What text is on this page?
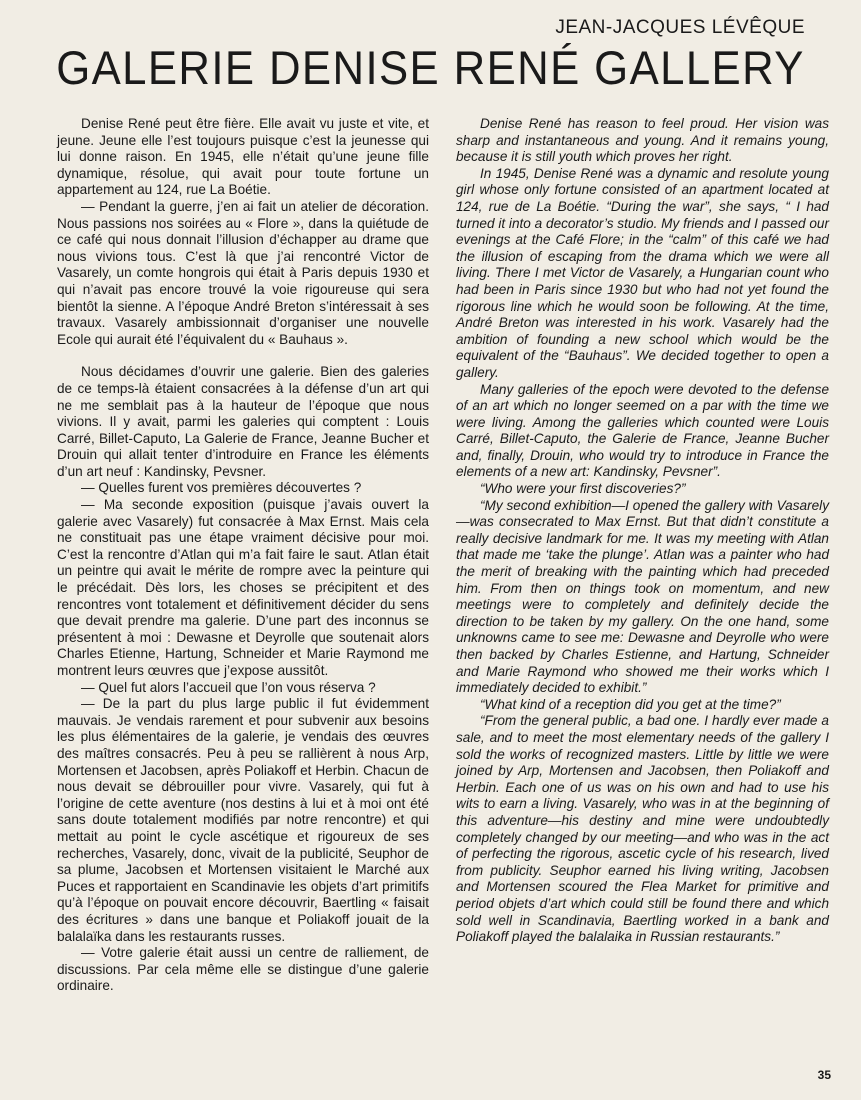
JEAN-JACQUES LÉVÊQUE
GALERIE DENISE RENÉ GALLERY

Denise René peut être fière. Elle avait vu juste et vite, et jeune. Jeune elle l’est toujours puisque c’est la jeunesse qui lui donne raison. En 1945, elle n’était qu’une jeune fille dynamique, résolue, qui avait pour toute fortune un appartement au 124, rue La Boétie.

— Pendant la guerre, j’en ai fait un atelier de décoration. Nous passions nos soirées au « Flore », dans la quiétude de ce café qui nous donnait l’illusion d’échapper au drame que nous vivions tous. C’est là que j’ai rencontré Victor de Vasarely, un comte hongrois qui était à Paris depuis 1930 et qui n’avait pas encore trouvé la voie rigoureuse qui sera bientôt la sienne. A l’époque André Breton s’intéressait à ses travaux. Vasarely ambissionnait d’organiser une nouvelle Ecole qui aurait été l’équivalent du « Bauhaus ».

Nous décidames d’ouvrir une galerie. Bien des galeries de ce temps-là étaient consacrées à la défense d’un art qui ne me semblait pas à la hauteur de l’époque que nous vivions. Il y avait, parmi les galeries qui comptent : Louis Carré, Billet-Caputo, La Galerie de France, Jeanne Bucher et Drouin qui allait tenter d’introduire en France les éléments d’un art neuf : Kandinsky, Pevsner.

— Quelles furent vos premières découvertes ?

— Ma seconde exposition (puisque j’avais ouvert la galerie avec Vasarely) fut consacrée à Max Ernst. Mais cela ne constituait pas une étape vraiment décisive pour moi. C’est la rencontre d’Atlan qui m’a fait faire le saut. Atlan était un peintre qui avait le mérite de rompre avec la peinture qui le précédait. Dès lors, les choses se précipitent et des rencontres vont totalement et définitivement décider du sens que devait prendre ma galerie. D’une part des inconnus se présentent à moi : Dewasne et Deyrolle que soutenait alors Charles Etienne, Hartung, Schneider et Marie Raymond me montrent leurs œuvres que j’expose aussitôt.

— Quel fut alors l’accueil que l’on vous réserva ?

— De la part du plus large public il fut évidemment mauvais. Je vendais rarement et pour subvenir aux besoins les plus élémentaires de la galerie, je vendais des œuvres des maîtres consacrés. Peu à peu se rallièrent à nous Arp, Mortensen et Jacobsen, après Poliakoff et Herbin. Chacun de nous devait se débrouiller pour vivre. Vasarely, qui fut à l’origine de cette aventure (nos destins à lui et à moi ont été sans doute totalement modifiés par notre rencontre) et qui mettait au point le cycle ascétique et rigoureux de ses recherches, Vasarely, donc, vivait de la publicité, Seuphor de sa plume, Jacobsen et Mortensen visitaient le Marché aux Puces et rapportaient en Scandinavie les objets d’art primitifs qu’à l’époque on pouvait encore découvrir, Baertling « faisait des écritures » dans une banque et Poliakoff jouait de la balalaïka dans les restaurants russes.

— Votre galerie était aussi un centre de ralliement, de discussions. Par cela même elle se distingue d’une galerie ordinaire.

Denise René has reason to feel proud. Her vision was sharp and instantaneous and young. And it remains young, because it is still youth which proves her right.

In 1945, Denise René was a dynamic and resolute young girl whose only fortune consisted of an apartment located at 124, rue de La Boétie. “During the war”, she says, “ I had turned it into a decorator’s studio. My friends and I passed our evenings at the Café Flore; in the “calm” of this café we had the illusion of escaping from the drama which we were all living. There I met Victor de Vasarely, a Hungarian count who had been in Paris since 1930 but who had not yet found the rigorous line which he would soon be following. At the time, André Breton was interested in his work. Vasarely had the ambition of founding a new school which would be the equivalent of the “Bauhaus”. We decided together to open a gallery.

Many galleries of the epoch were devoted to the defense of an art which no longer seemed on a par with the time we were living. Among the galleries which counted were Louis Carré, Billet-Caputo, the Galerie de France, Jeanne Bucher and, finally, Drouin, who would try to introduce in France the elements of a new art: Kandinsky, Pevsner”.

“Who were your first discoveries?”

“My second exhibition—I opened the gallery with Vasarely—was consecrated to Max Ernst. But that didn’t constitute a really decisive landmark for me. It was my meeting with Atlan that made me ‘take the plunge’. Atlan was a painter who had the merit of breaking with the painting which had preceded him. From then on things took on momentum, and new meetings were to completely and definitely decide the direction to be taken by my gallery. On the one hand, some unknowns came to see me: Dewasne and Deyrolle who were then backed by Charles Estienne, and Hartung, Schneider and Marie Raymond who showed me their works which I immediately decided to exhibit.”

“What kind of a reception did you get at the time?”

“From the general public, a bad one. I hardly ever made a sale, and to meet the most elementary needs of the gallery I sold the works of recognized masters. Little by little we were joined by Arp, Mortensen and Jacobsen, then Poliakoff and Herbin. Each one of us was on his own and had to use his wits to earn a living. Vasarely, who was in at the beginning of this adventure—his destiny and mine were undoubtedly completely changed by our meeting—and who was in the act of perfecting the rigorous, ascetic cycle of his research, lived from publicity. Seuphor earned his living writing, Jacobsen and Mortensen scoured the Flea Market for primitive and period objets d’art which could still be found there and which sold well in Scandinavia, Baertling worked in a bank and Poliakoff played the balalaika in Russian restaurants.”

35
